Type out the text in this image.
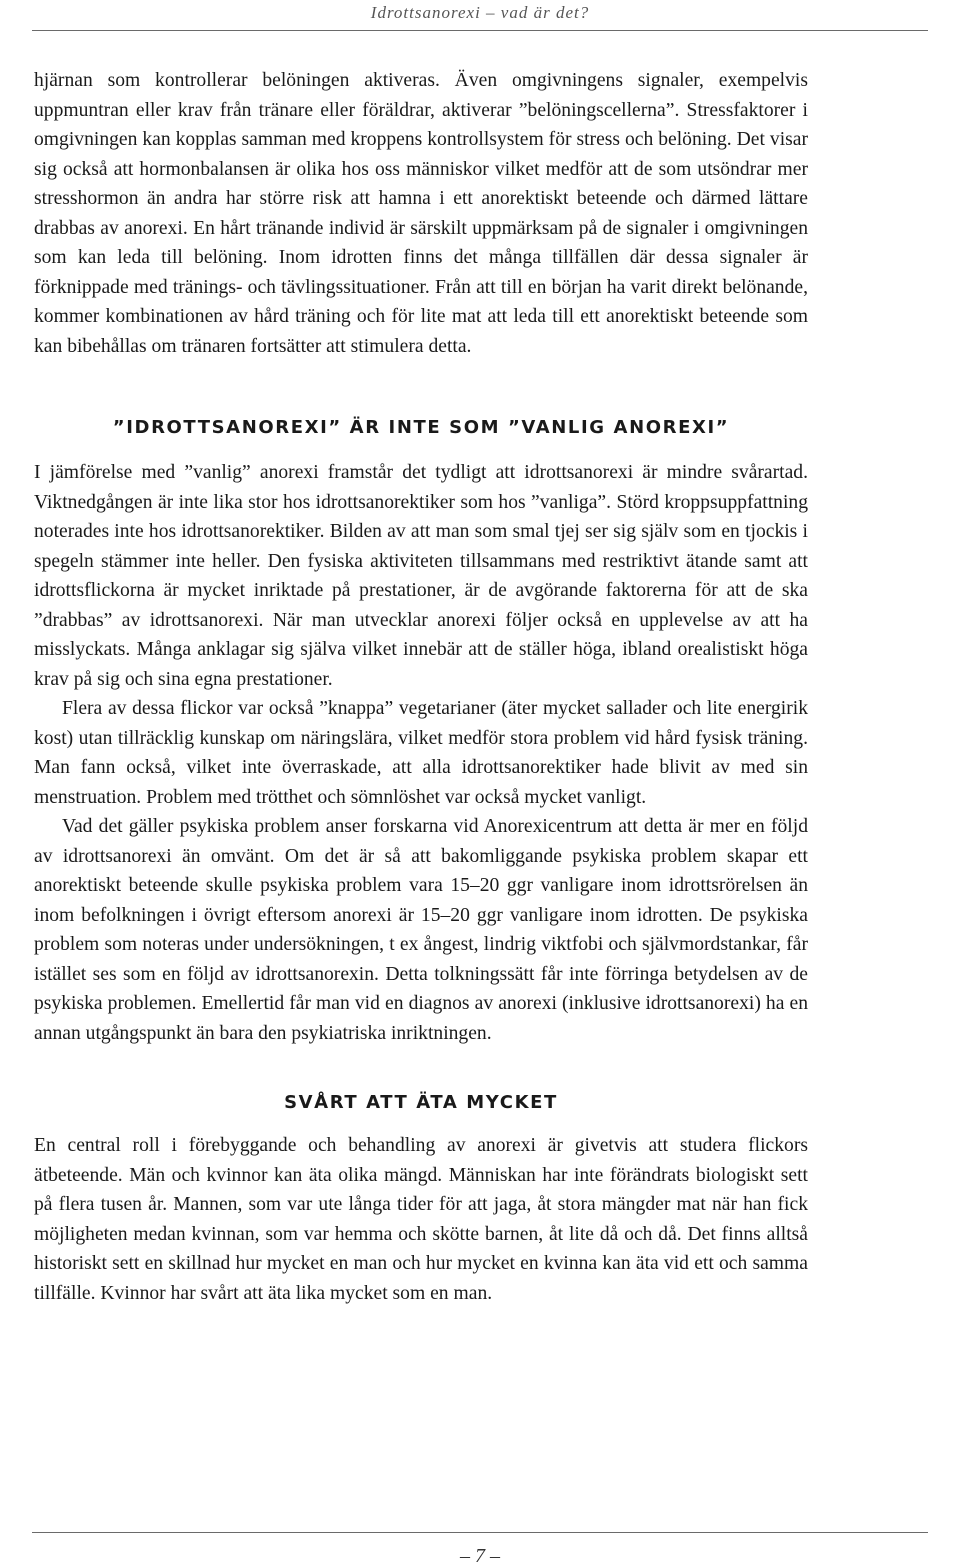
Idrottsanorexi – vad är det?

hjärnan som kontrollerar belöningen aktiveras. Även omgivningens signaler, exempelvis uppmuntran eller krav från tränare eller föräldrar, aktiverar ”belöningscellerna”. Stressfaktorer i omgivningen kan kopplas samman med kroppens kontrollsystem för stress och belöning. Det visar sig också att hormonbalansen är olika hos oss människor vilket medför att de som utsöndrar mer stresshormon än andra har större risk att hamna i ett anorektiskt beteende och därmed lättare drabbas av anorexi. En hårt tränande individ är särskilt uppmärksam på de signaler i omgivningen som kan leda till belöning. Inom idrotten finns det många tillfällen där dessa signaler är förknippade med tränings- och tävlingssituationer. Från att till en början ha varit direkt belönande, kommer kombinationen av hård träning och för lite mat att leda till ett anorektiskt beteende som kan bibehållas om tränaren fortsätter att stimulera detta.

”IDROTTSANOREXI” ÄR INTE SOM ”VANLIG ANOREXI”

I jämförelse med ”vanlig” anorexi framstår det tydligt att idrottsanorexi är mindre svårartad. Viktnedgången är inte lika stor hos idrottsanorektiker som hos ”vanliga”. Störd kroppsuppfattning noterades inte hos idrottsanorektiker. Bilden av att man som smal tjej ser sig själv som en tjockis i spegeln stämmer inte heller. Den fysiska aktiviteten tillsammans med restriktivt ätande samt att idrottsflickorna är mycket inriktade på prestationer, är de avgörande faktorerna för att de ska ”drabbas” av idrottsanorexi. När man utvecklar anorexi följer också en upplevelse av att ha misslyckats. Många anklagar sig själva vilket innebär att de ställer höga, ibland orealistiskt höga krav på sig och sina egna prestationer.

Flera av dessa flickor var också ”knappa” vegetarianer (äter mycket sallader och lite energirik kost) utan tillräcklig kunskap om näringslära, vilket medför stora problem vid hård fysisk träning. Man fann också, vilket inte överraskade, att alla idrottsanorektiker hade blivit av med sin menstruation. Problem med trötthet och sömnlöshet var också mycket vanligt.

Vad det gäller psykiska problem anser forskarna vid Anorexicentrum att detta är mer en följd av idrottsanorexi än omvänt. Om det är så att bakomliggande psykiska problem skapar ett anorektiskt beteende skulle psykiska problem vara 15–20 ggr vanligare inom idrottsrörelsen än inom befolkningen i övrigt eftersom anorexi är 15–20 ggr vanligare inom idrotten. De psykiska problem som noteras under undersökningen, t ex ångest, lindrig viktfobi och självmordstankar, får istället ses som en följd av idrottsanorexin. Detta tolkningssätt får inte förringa betydelsen av de psykiska problemen. Emellertid får man vid en diagnos av anorexi (inklusive idrottsanorexi) ha en annan utgångspunkt än bara den psykiatriska inriktningen.

SVÅRT ATT ÄTA MYCKET

En central roll i förebyggande och behandling av anorexi är givetvis att studera flickors ätbeteende. Män och kvinnor kan äta olika mängd. Människan har inte förändrats biologiskt sett på flera tusen år. Mannen, som var ute långa tider för att jaga, åt stora mängder mat när han fick möjligheten medan kvinnan, som var hemma och skötte barnen, åt lite då och då. Det finns alltså historiskt sett en skillnad hur mycket en man och hur mycket en kvinna kan äta vid ett och samma tillfälle. Kvinnor har svårt att äta lika mycket som en man.

– 7 –
